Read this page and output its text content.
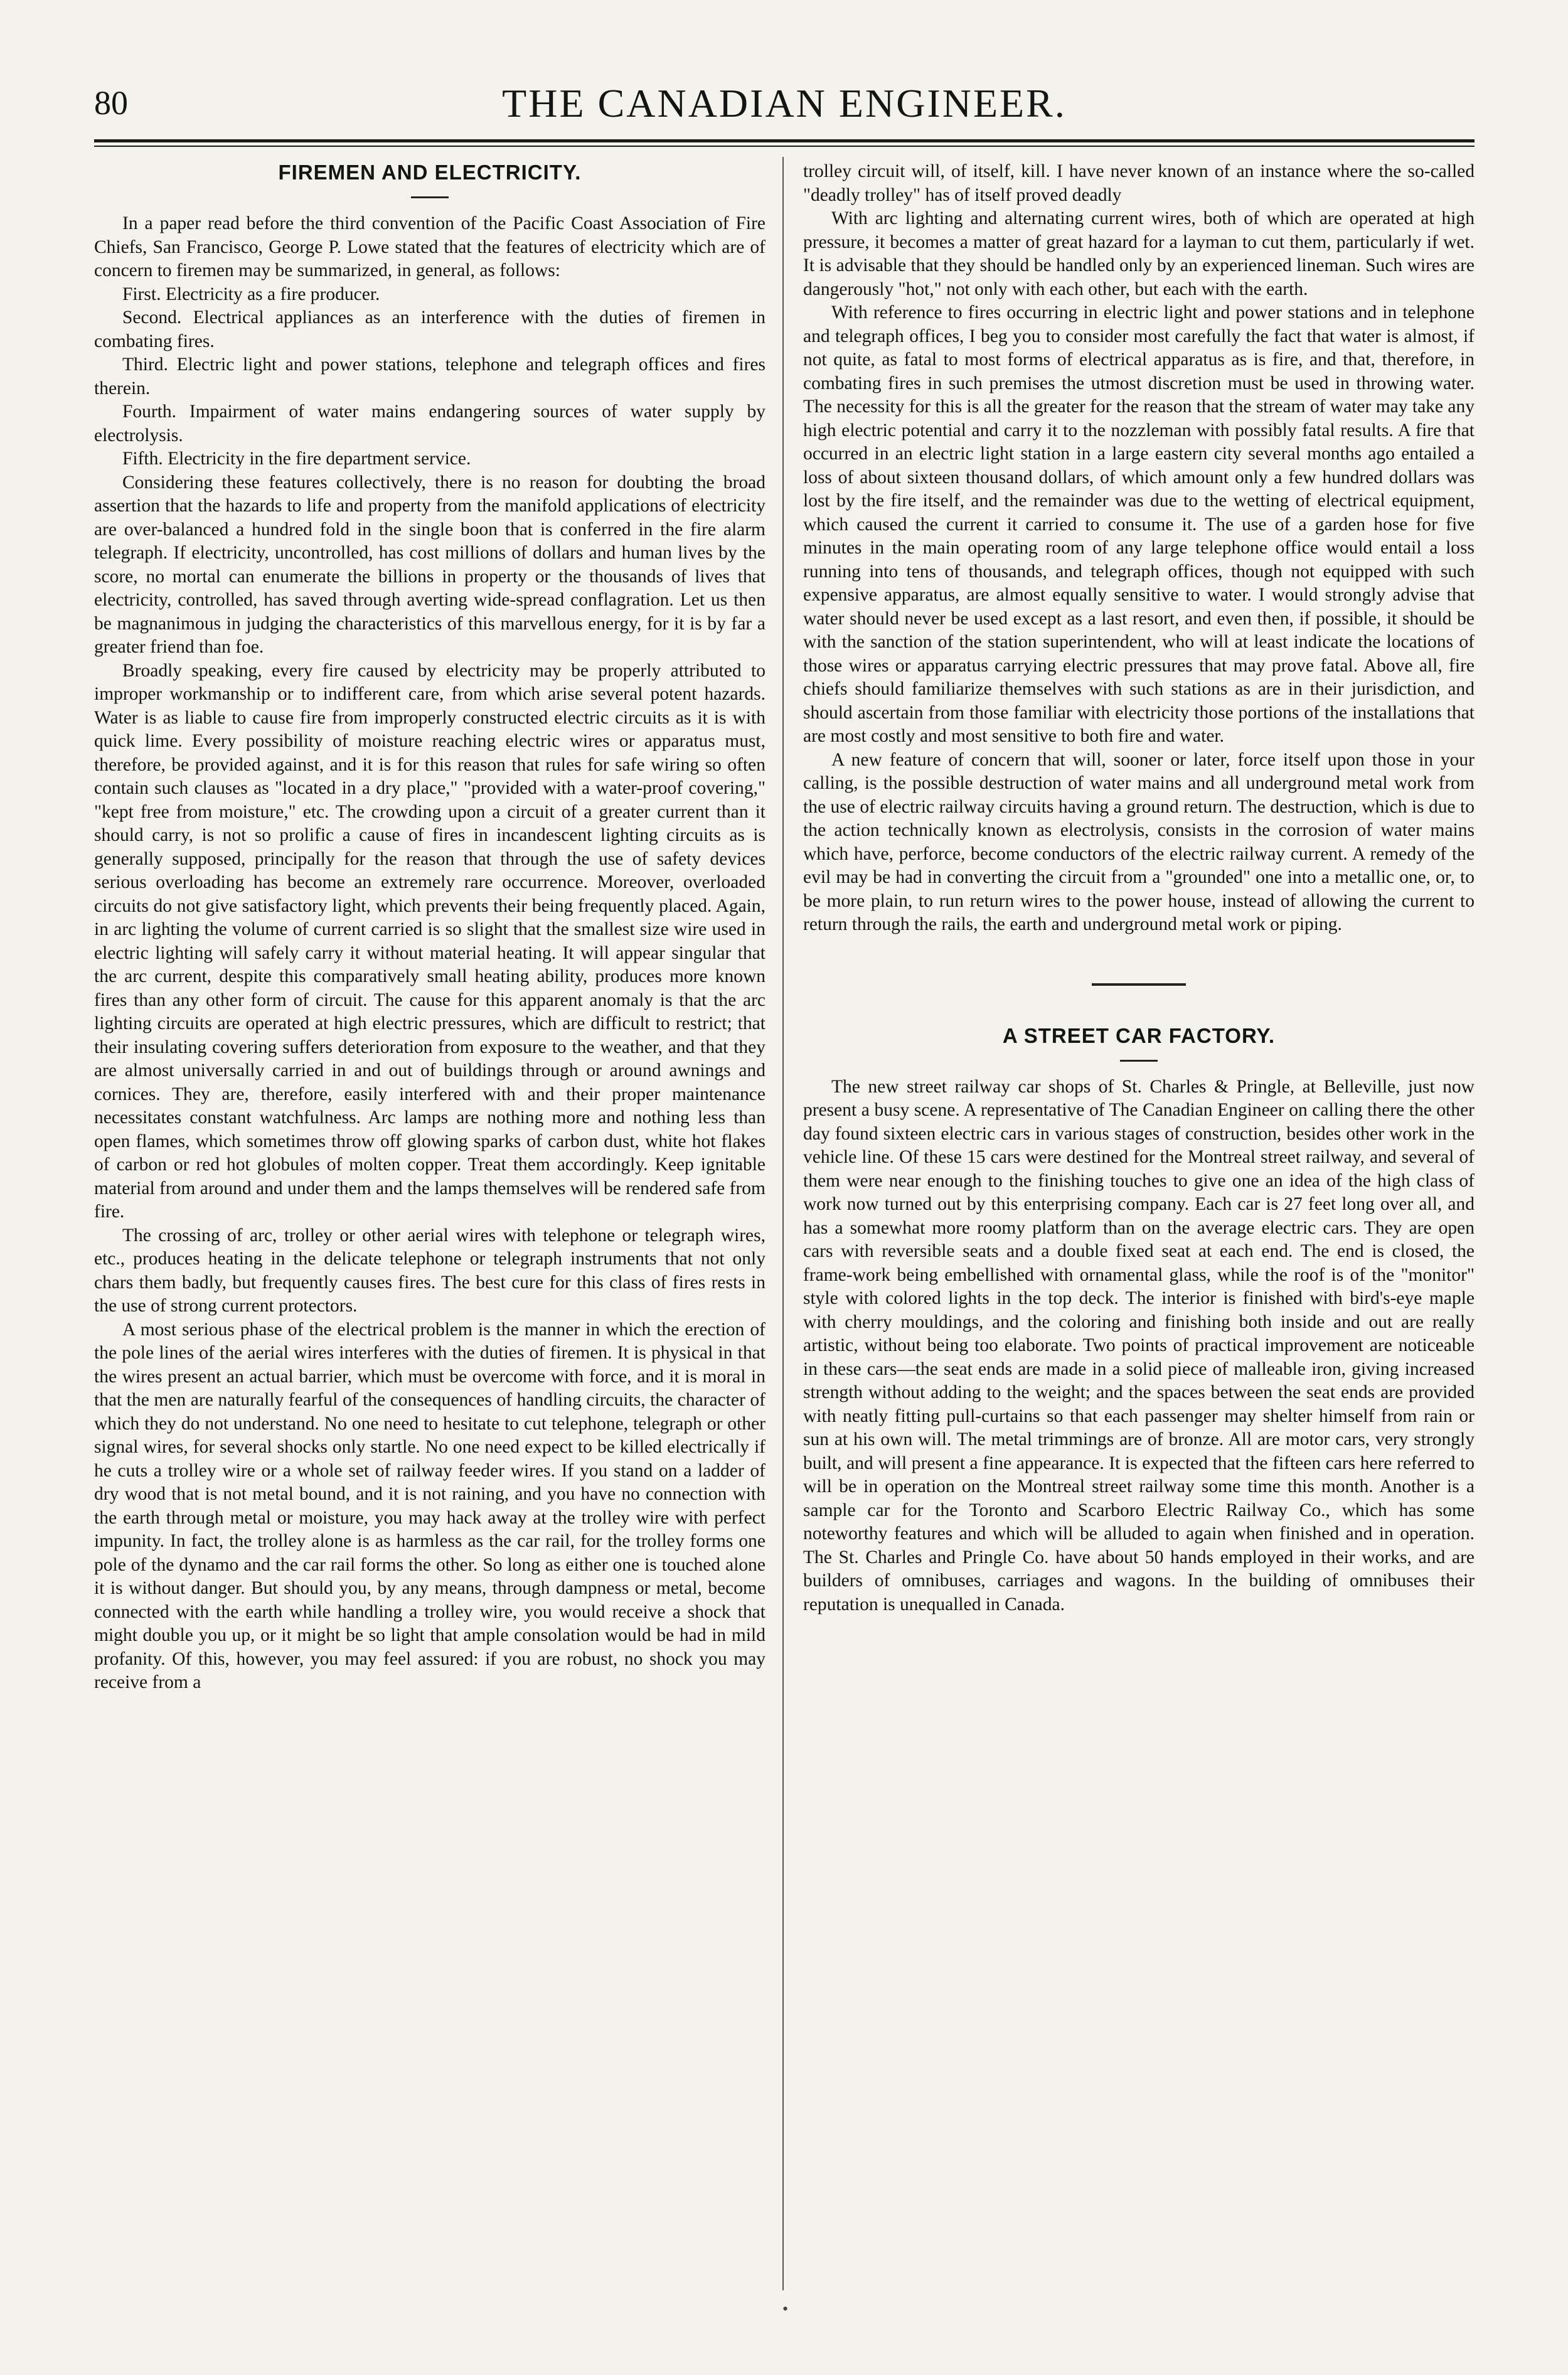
80	THE CANADIAN ENGINEER.
FIREMEN AND ELECTRICITY.

In a paper read before the third convention of the Pacific Coast Association of Fire Chiefs, San Francisco, George P. Lowe stated that the features of electricity which are of concern to firemen may be summarized, in general, as follows:

First. Electricity as a fire producer.

Second. Electrical appliances as an interference with the duties of firemen in combating fires.

Third. Electric light and power stations, telephone and telegraph offices and fires therein.

Fourth. Impairment of water mains endangering sources of water supply by electrolysis.

Fifth. Electricity in the fire department service.

Considering these features collectively, there is no reason for doubting the broad assertion that the hazards to life and property from the manifold applications of electricity are over-balanced a hundred fold in the single boon that is conferred in the fire alarm telegraph. If electricity, uncontrolled, has cost millions of dollars and human lives by the score, no mortal can enumerate the billions in property or the thousands of lives that electricity, controlled, has saved through averting wide-spread conflagration. Let us then be magnanimous in judging the characteristics of this marvellous energy, for it is by far a greater friend than foe.

Broadly speaking, every fire caused by electricity may be properly attributed to improper workmanship or to indifferent care, from which arise several potent hazards. Water is as liable to cause fire from improperly constructed electric circuits as it is with quick lime. Every possibility of moisture reaching electric wires or apparatus must, therefore, be provided against, and it is for this reason that rules for safe wiring so often contain such clauses as "located in a dry place," "provided with a water-proof covering," "kept free from moisture," etc. The crowding upon a circuit of a greater current than it should carry, is not so prolific a cause of fires in incandescent lighting circuits as is generally supposed, principally for the reason that through the use of safety devices serious overloading has become an extremely rare occurrence. Moreover, overloaded circuits do not give satisfactory light, which prevents their being frequently placed. Again, in arc lighting the volume of current carried is so slight that the smallest size wire used in electric lighting will safely carry it without material heating. It will appear singular that the arc current, despite this comparatively small heating ability, produces more known fires than any other form of circuit. The cause for this apparent anomaly is that the arc lighting circuits are operated at high electric pressures, which are difficult to restrict; that their insulating covering suffers deterioration from exposure to the weather, and that they are almost universally carried in and out of buildings through or around awnings and cornices. They are, therefore, easily interfered with and their proper maintenance necessitates constant watchfulness. Arc lamps are nothing more and nothing less than open flames, which sometimes throw off glowing sparks of carbon dust, white hot flakes of carbon or red hot globules of molten copper. Treat them accordingly. Keep ignitable material from around and under them and the lamps themselves will be rendered safe from fire.

The crossing of arc, trolley or other aerial wires with telephone or telegraph wires, etc., produces heating in the delicate telephone or telegraph instruments that not only chars them badly, but frequently causes fires. The best cure for this class of fires rests in the use of strong current protectors.

A most serious phase of the electrical problem is the manner in which the erection of the pole lines of the aerial wires interferes with the duties of firemen. It is physical in that the wires present an actual barrier, which must be overcome with force, and it is moral in that the men are naturally fearful of the consequences of handling circuits, the character of which they do not understand. No one need to hesitate to cut telephone, telegraph or other signal wires, for several shocks only startle. No one need expect to be killed electrically if he cuts a trolley wire or a whole set of railway feeder wires. If you stand on a ladder of dry wood that is not metal bound, and it is not raining, and you have no connection with the earth through metal or moisture, you may hack away at the trolley wire with perfect impunity. In fact, the trolley alone is as harmless as the car rail, for the trolley forms one pole of the dynamo and the car rail forms the other. So long as either one is touched alone it is without danger. But should you, by any means, through dampness or metal, become connected with the earth while handling a trolley wire, you would receive a shock that might double you up, or it might be so light that ample consolation would be had in mild profanity. Of this, however, you may feel assured: if you are robust, no shock you may receive from a

trolley circuit will, of itself, kill. I have never known of an instance where the so-called "deadly trolley" has of itself proved deadly

With arc lighting and alternating current wires, both of which are operated at high pressure, it becomes a matter of great hazard for a layman to cut them, particularly if wet. It is advisable that they should be handled only by an experienced lineman. Such wires are dangerously "hot," not only with each other, but each with the earth.

With reference to fires occurring in electric light and power stations and in telephone and telegraph offices, I beg you to consider most carefully the fact that water is almost, if not quite, as fatal to most forms of electrical apparatus as is fire, and that, therefore, in combating fires in such premises the utmost discretion must be used in throwing water. The necessity for this is all the greater for the reason that the stream of water may take any high electric potential and carry it to the nozzleman with possibly fatal results. A fire that occurred in an electric light station in a large eastern city several months ago entailed a loss of about sixteen thousand dollars, of which amount only a few hundred dollars was lost by the fire itself, and the remainder was due to the wetting of electrical equipment, which caused the current it carried to consume it. The use of a garden hose for five minutes in the main operating room of any large telephone office would entail a loss running into tens of thousands, and telegraph offices, though not equipped with such expensive apparatus, are almost equally sensitive to water. I would strongly advise that water should never be used except as a last resort, and even then, if possible, it should be with the sanction of the station superintendent, who will at least indicate the locations of those wires or apparatus carrying electric pressures that may prove fatal. Above all, fire chiefs should familiarize themselves with such stations as are in their jurisdiction, and should ascertain from those familiar with electricity those portions of the installations that are most costly and most sensitive to both fire and water.

A new feature of concern that will, sooner or later, force itself upon those in your calling, is the possible destruction of water mains and all underground metal work from the use of electric railway circuits having a ground return. The destruction, which is due to the action technically known as electrolysis, consists in the corrosion of water mains which have, perforce, become conductors of the electric railway current. A remedy of the evil may be had in converting the circuit from a "grounded" one into a metallic one, or, to be more plain, to run return wires to the power house, instead of allowing the current to return through the rails, the earth and underground metal work or piping.

A STREET CAR FACTORY.

The new street railway car shops of St. Charles & Pringle, at Belleville, just now present a busy scene. A representative of The Canadian Engineer on calling there the other day found sixteen electric cars in various stages of construction, besides other work in the vehicle line. Of these 15 cars were destined for the Montreal street railway, and several of them were near enough to the finishing touches to give one an idea of the high class of work now turned out by this enterprising company. Each car is 27 feet long over all, and has a somewhat more roomy platform than on the average electric cars. They are open cars with reversible seats and a double fixed seat at each end. The end is closed, the frame-work being embellished with ornamental glass, while the roof is of the "monitor" style with colored lights in the top deck. The interior is finished with bird's-eye maple with cherry mouldings, and the coloring and finishing both inside and out are really artistic, without being too elaborate. Two points of practical improvement are noticeable in these cars—the seat ends are made in a solid piece of malleable iron, giving increased strength without adding to the weight; and the spaces between the seat ends are provided with neatly fitting pull-curtains so that each passenger may shelter himself from rain or sun at his own will. The metal trimmings are of bronze. All are motor cars, very strongly built, and will present a fine appearance. It is expected that the fifteen cars here referred to will be in operation on the Montreal street railway some time this month. Another is a sample car for the Toronto and Scarboro Electric Railway Co., which has some noteworthy features and which will be alluded to again when finished and in operation. The St. Charles and Pringle Co. have about 50 hands employed in their works, and are builders of omnibuses, carriages and wagons. In the building of omnibuses their reputation is unequalled in Canada.

•
